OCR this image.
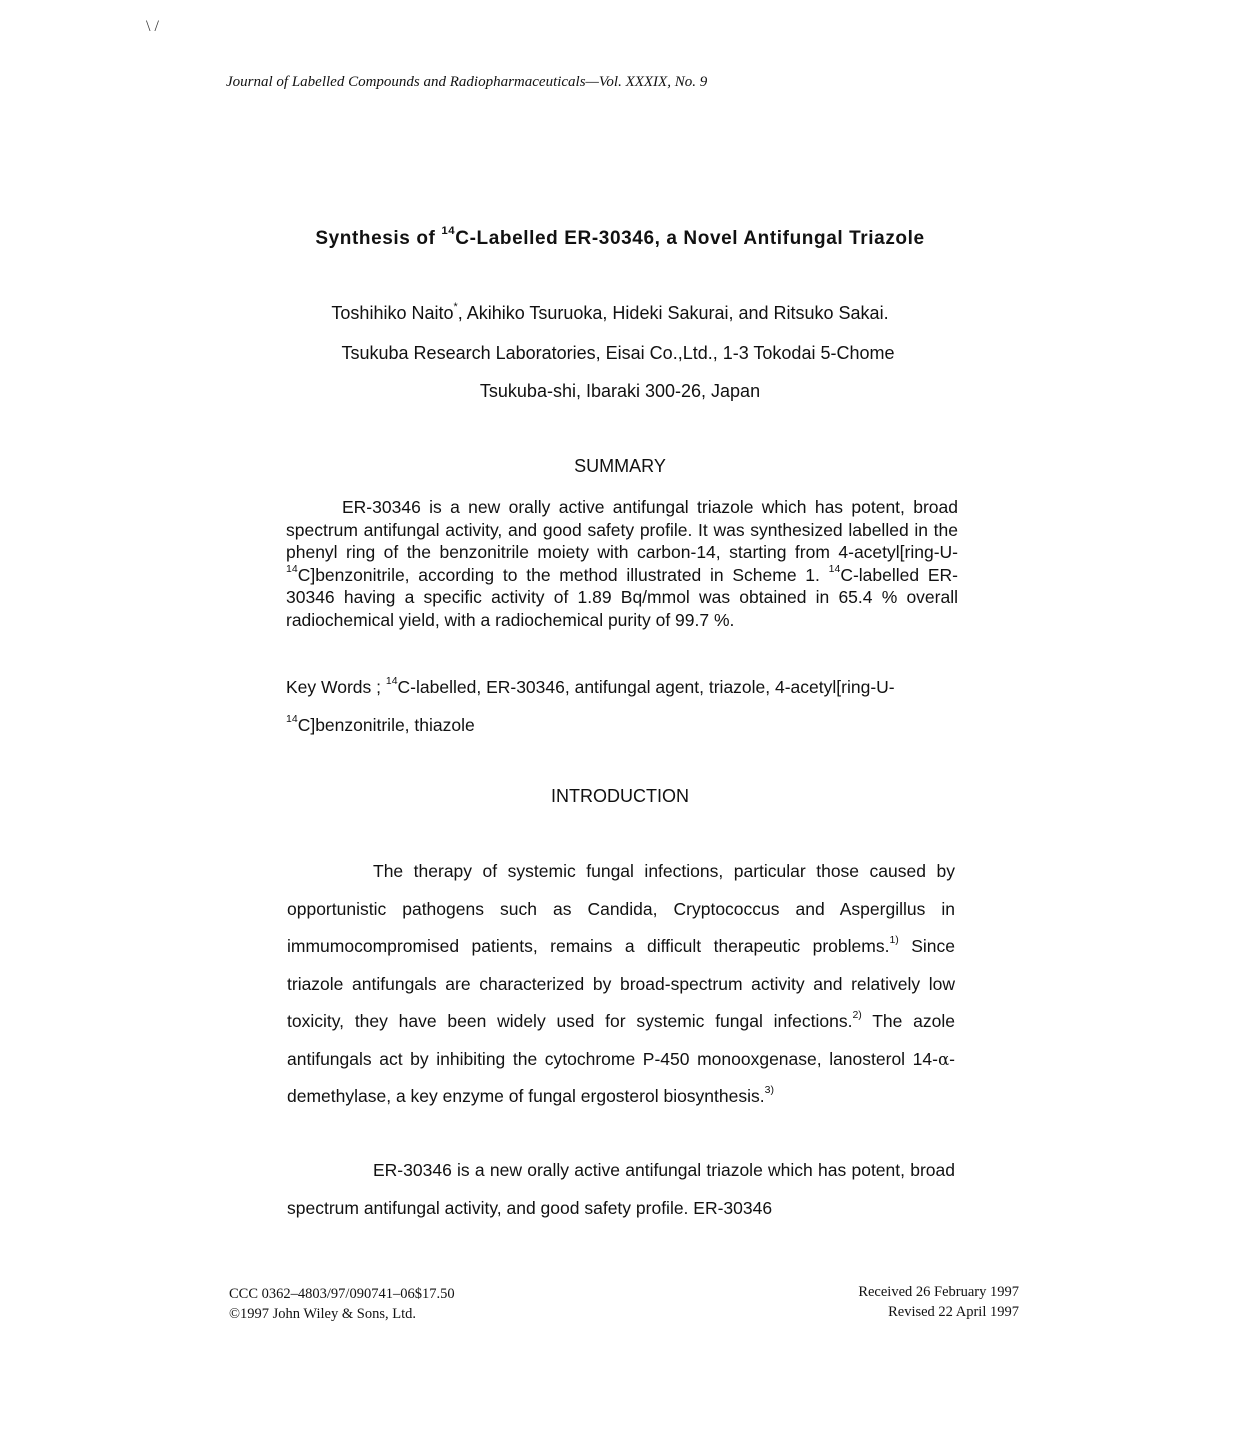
\ /
Journal of Labelled Compounds and Radiopharmaceuticals—Vol. XXXIX, No. 9
Synthesis of $^{14}$C-Labelled ER-30346, a Novel Antifungal Triazole
Toshihiko Naito*, Akihiko Tsuruoka, Hideki Sakurai, and Ritsuko Sakai.
Tsukuba Research Laboratories, Eisai Co.,Ltd., 1-3 Tokodai 5-Chome
Tsukuba-shi, Ibaraki 300-26, Japan
SUMMARY

ER-30346 is a new orally active antifungal triazole which has potent, broad spectrum antifungal activity, and good safety profile. It was synthesized labelled in the phenyl ring of the benzonitrile moiety with carbon-14, starting from 4-acetyl[ring-U-$^{14}$C]benzonitrile, according to the method illustrated in Scheme 1. $^{14}$C-labelled ER-30346 having a specific activity of 1.89 Bq/mmol was obtained in 65.4 % overall radiochemical yield, with a radiochemical purity of 99.7 %.

Key Words ; $^{14}$C-labelled, ER-30346, antifungal agent, triazole, 4-acetyl[ring-U-
$^{14}$C]benzonitrile, thiazole

INTRODUCTION

The therapy of systemic fungal infections, particular those caused by opportunistic pathogens such as Candida, Cryptococcus and Aspergillus in immumocompromised patients, remains a difficult therapeutic problems.$^{1)}$ Since triazole antifungals are characterized by broad-spectrum activity and relatively low toxicity, they have been widely used for systemic fungal infections.$^{2)}$ The azole antifungals act by inhibiting the cytochrome P-450 monooxgenase, lanosterol 14-α-demethylase, a key enzyme of fungal ergosterol biosynthesis.$^{3)}$

ER-30346 is a new orally active antifungal triazole which has potent, broad spectrum antifungal activity, and good safety profile. ER-30346

CCC 0362–4803/97/090741–06$17.50
©1997 John Wiley & Sons, Ltd.
Received 26 February 1997
Revised 22 April 1997
